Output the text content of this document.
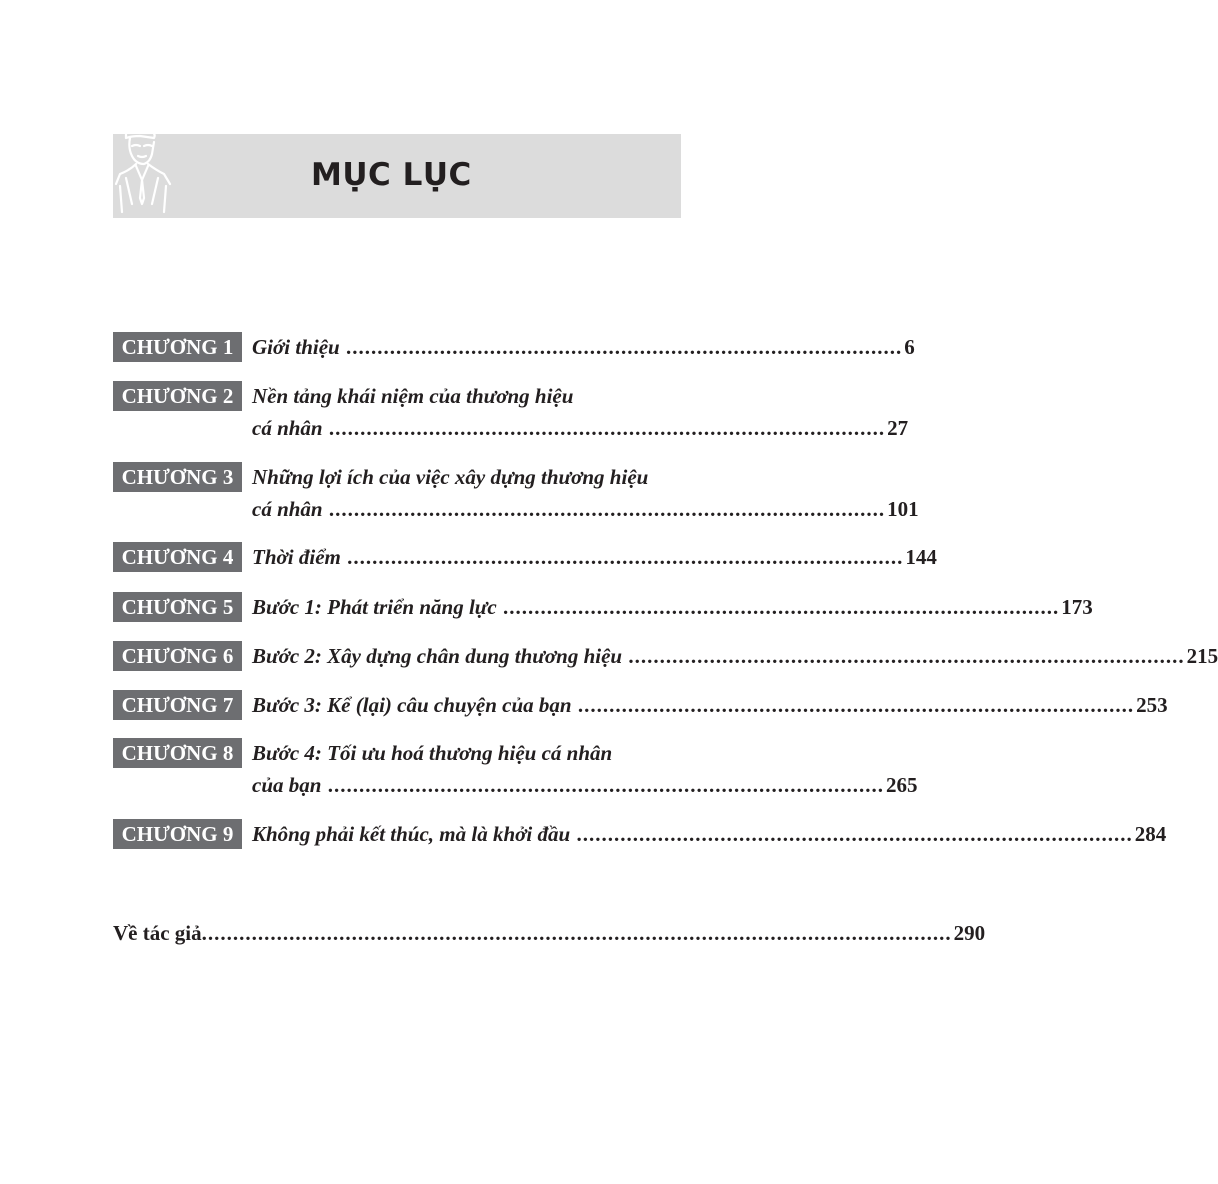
MỤC LỤC
CHƯƠNG 1 Giới thiệu ......................................................................................... 6
CHƯƠNG 2 Nền tảng khái niệm của thương hiệu
cá nhân ......................................................................................... 27
CHƯƠNG 3 Những lợi ích của việc xây dựng thương hiệu
cá nhân ......................................................................................... 101
CHƯƠNG 4 Thời điểm ......................................................................................... 144
CHƯƠNG 5 Bước 1: Phát triển năng lực ......................................................................................... 173
CHƯƠNG 6 Bước 2: Xây dựng chân dung thương hiệu ......................................................................................... 215
CHƯƠNG 7 Bước 3: Kể (lại) câu chuyện của bạn ......................................................................................... 253
CHƯƠNG 8 Bước 4: Tối ưu hoá thương hiệu cá nhân
của bạn ......................................................................................... 265
CHƯƠNG 9 Không phải kết thúc, mà là khởi đầu ......................................................................................... 284
Về tác giả ........................................................................................................................ 290
